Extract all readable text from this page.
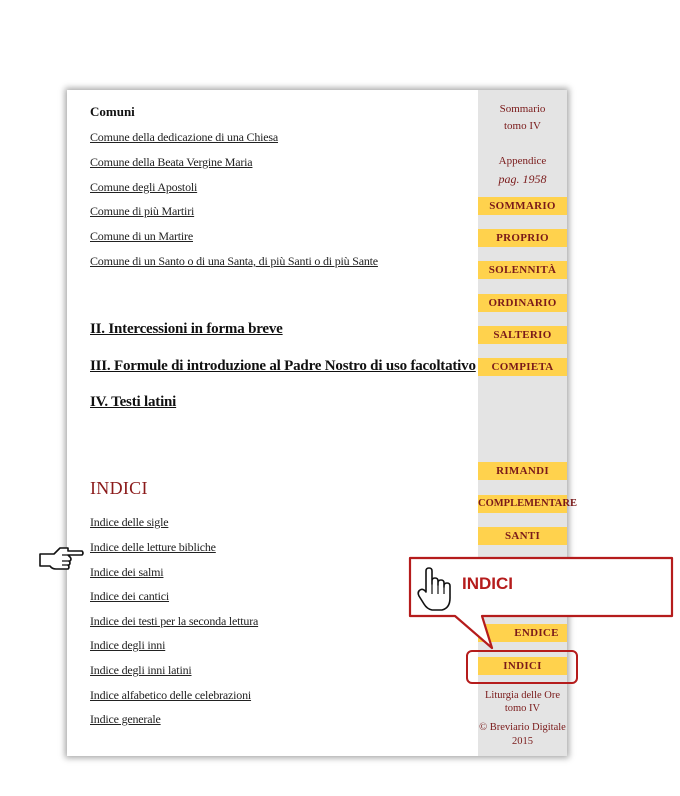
Comuni
Comune della dedicazione di una Chiesa
Comune della Beata Vergine Maria
Comune degli Apostoli
Comune di più Martiri
Comune di un Martire
Comune di un Santo o di una Santa, di più Santi o di più Sante
II. Intercessioni in forma breve
III. Formule di introduzione al Padre Nostro di uso facoltativo
IV. Testi latini
INDICI
Indice delle sigle
Indice delle letture bibliche
Indice dei salmi
Indice dei cantici
Indice dei testi per la seconda lettura
Indice degli inni
Indice degli inni latini
Indice alfabetico delle celebrazioni
Indice generale
Sommario
tomo IV
Appendice
pag. 1958
SOMMARIO
PROPRIO
SOLENNITÀ
ORDINARIO
SALTERIO
COMPIETA
RIMANDI
COMPLEMENTARE
SANTI
ENDICE
INDICI
Liturgia delle Ore
tomo IV
© Breviario Digitale
2015
INDICI
